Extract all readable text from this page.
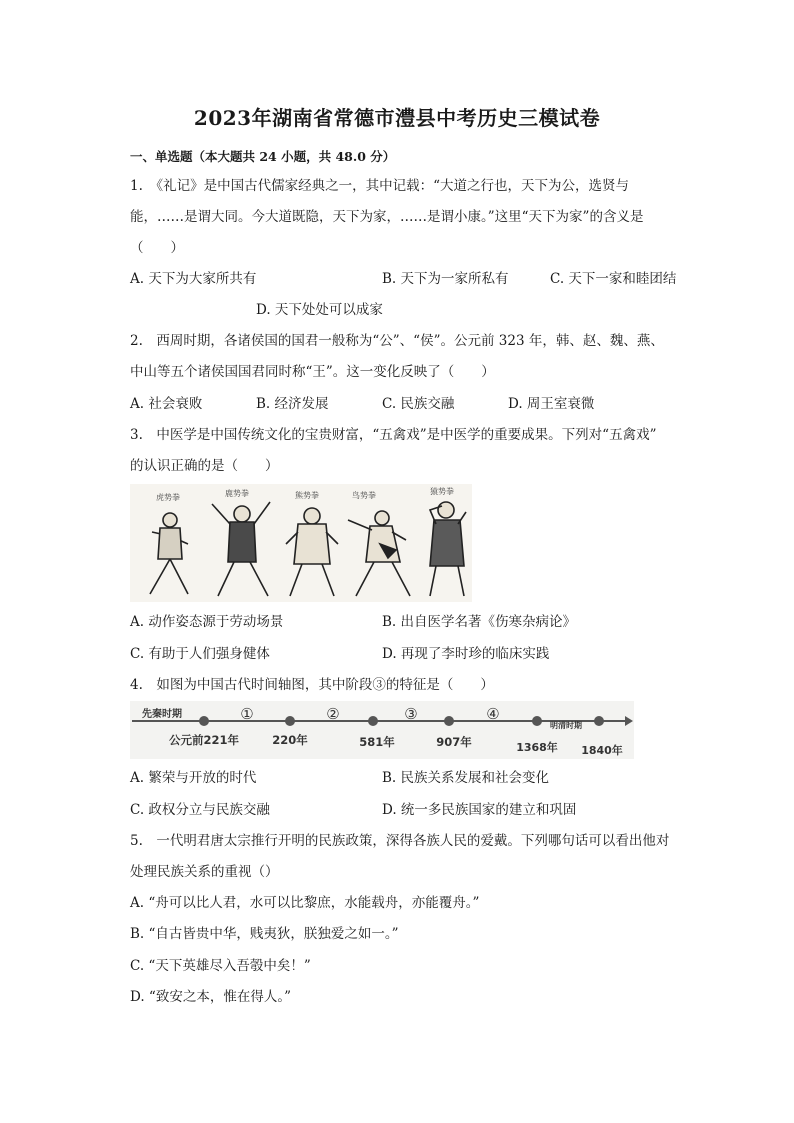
2023年湖南省常德市澧县中考历史三模试卷
一、单选题（本大题共 24 小题，共 48.0 分）
1.　《礼记》是中国古代儒家经典之一，其中记载：“大道之行也，天下为公，选贤与
能，……是谓大同。今大道既隐，天下为家，……是谓小康。”这里“天下为家”的含义是
（　　）
A. 天下为大家所共有	B. 天下为一家所私有	C. 天下一家和睦团结
D. 天下处处可以成家
2.　西周时期，各诸侯国的国君一般称为“公”、“侯”。公元前 323 年，韩、赵、魏、燕、
中山等五个诸侯国国君同时称“王”。这一变化反映了（　　）
A. 社会衰败	B. 经济发展	C. 民族交融	D. 周王室衰微
3.　中医学是中国传统文化的宝贵财富，“五禽戏”是中医学的重要成果。下列对“五禽戏”
的认识正确的是（　　）
虎势拳	鹿势拳	熊势拳	鸟势拳	猿势拳
A. 动作姿态源于劳动场景	B. 出自医学名著《伤寒杂病论》
C. 有助于人们强身健体	D. 再现了李时珍的临床实践
4.　如图为中国古代时间轴图，其中阶段③的特征是（　　）
先秦时期
明清时期
①	②	③	④
公元前221年	220年	581年	907年	1368年 1840年
A. 繁荣与开放的时代	B. 民族关系发展和社会变化
C. 政权分立与民族交融	D. 统一多民族国家的建立和巩固
5.　一代明君唐太宗推行开明的民族政策，深得各族人民的爱戴。下列哪句话可以看出他对
处理民族关系的重视（）
A. “舟可以比人君，水可以比黎庶，水能载舟，亦能覆舟。”
B. “自古皆贵中华，贱夷狄，朕独爱之如一。”
C. “天下英雄尽入吾彀中矣！”
D. “致安之本，惟在得人。”
